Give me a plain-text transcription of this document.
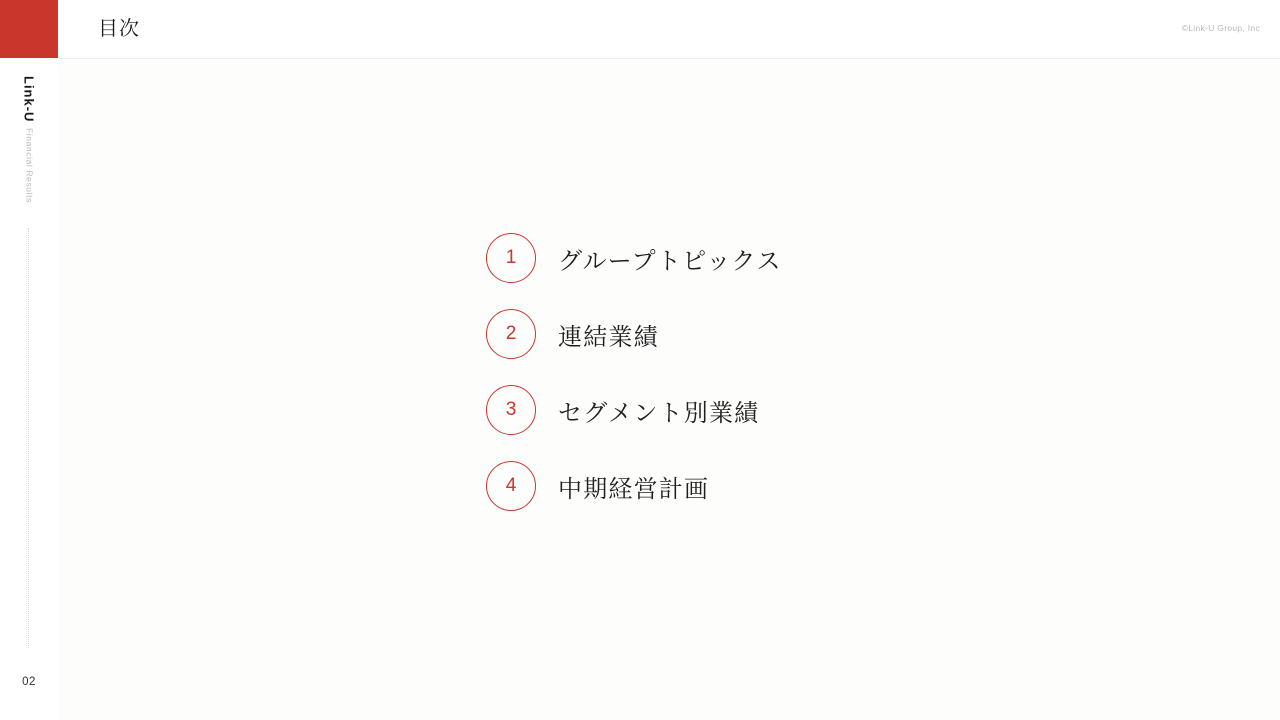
Link-U
Financial Results
02
目次	©Link-U Group, Inc
1	グループトピックス
2	連結業績
3	セグメント別業績
4	中期経営計画
